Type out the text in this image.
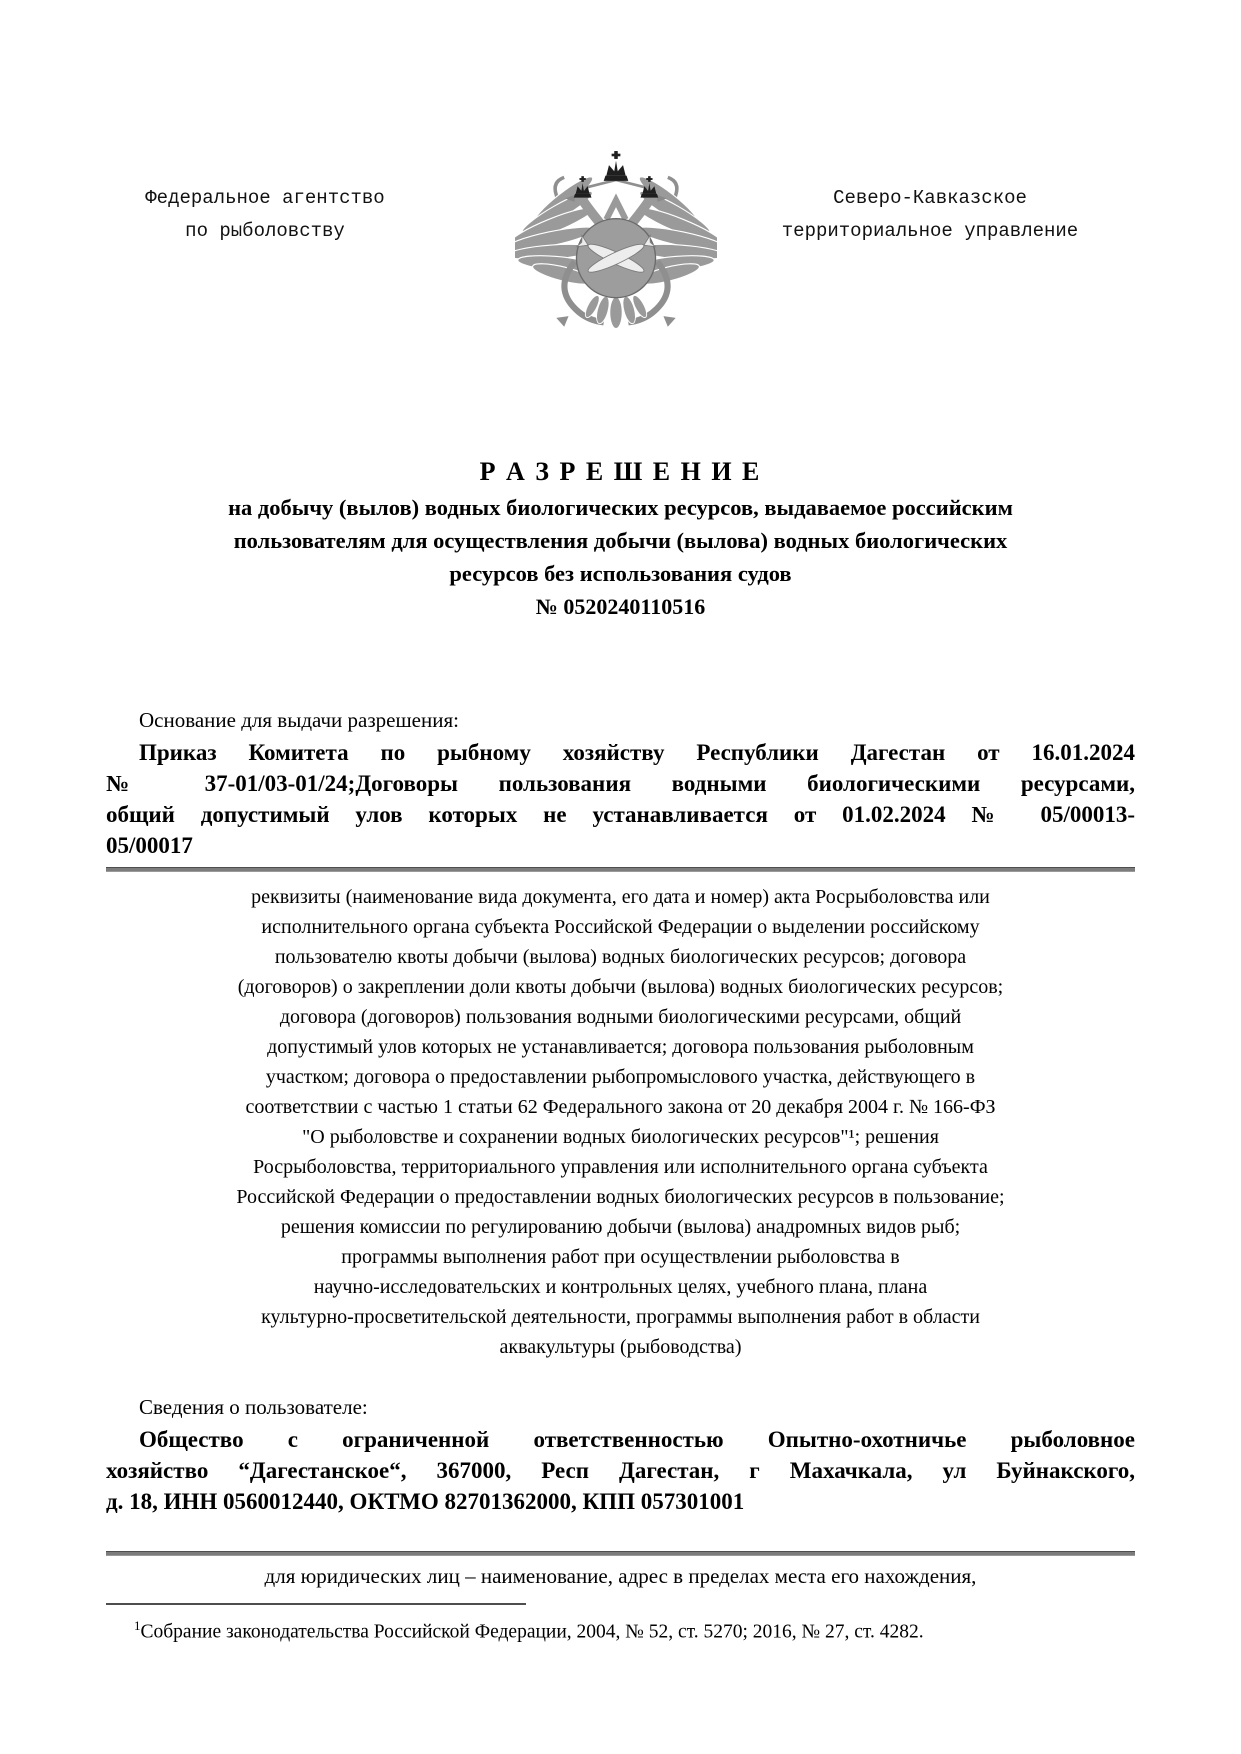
Федеральное агентство
по рыболовству
Северо-Кавказское
территориальное управление
Р А З Р Е Ш Е Н И Е
на добычу (вылов) водных биологических ресурсов, выдаваемое российским
пользователям для осуществления добычи (вылова) водных биологических
ресурсов без использования судов
№ 0520240110516
Основание для выдачи разрешения:
Приказ Комитета по рыбному хозяйству Республики Дагестан от 16.01.2024
№ 37-01/03-01/24;Договоры пользования водными биологическими ресурсами,
общий допустимый улов которых не устанавливается от 01.02.2024 № 05/00013-
05/00017
реквизиты (наименование вида документа, его дата и номер) акта Росрыболовства или
исполнительного органа субъекта Российской Федерации о выделении российскому
пользователю квоты добычи (вылова) водных биологических ресурсов; договора
(договоров) о закреплении доли квоты добычи (вылова) водных биологических ресурсов;
договора (договоров) пользования водными биологическими ресурсами, общий
допустимый улов которых не устанавливается; договора пользования рыболовным
участком; договора о предоставлении рыбопромыслового участка, действующего в
соответствии с частью 1 статьи 62 Федерального закона от 20 декабря 2004 г. № 166-ФЗ
"О рыболовстве и сохранении водных биологических ресурсов"¹; решения
Росрыболовства, территориального управления или исполнительного органа субъекта
Российской Федерации о предоставлении водных биологических ресурсов в пользование;
решения комиссии по регулированию добычи (вылова) анадромных видов рыб;
программы выполнения работ при осуществлении рыболовства в
научно-исследовательских и контрольных целях, учебного плана, плана
культурно-просветительской деятельности, программы выполнения работ в области
аквакультуры (рыбоводства)
Сведения о пользователе:
Общество с ограниченной ответственностью Опытно-охотничье рыболовное
хозяйство “Дагестанское“, 367000, Респ Дагестан, г Махачкала, ул Буйнакского,
д. 18, ИНН 0560012440, ОКТМО 82701362000, КПП 057301001
для юридических лиц – наименование, адрес в пределах места его нахождения,
$^1$Собрание законодательства Российской Федерации, 2004, № 52, ст. 5270; 2016, № 27, ст. 4282.
